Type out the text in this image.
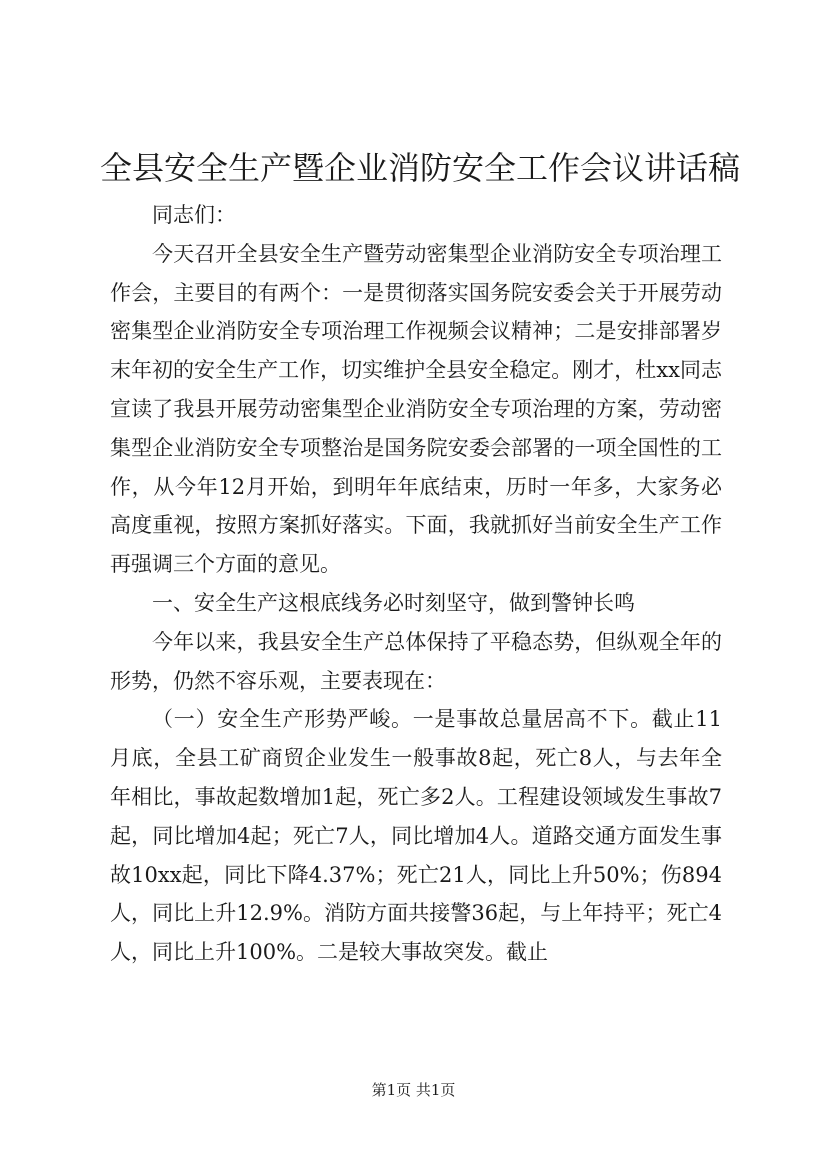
全县安全生产暨企业消防安全工作会议讲话稿

同志们：

今天召开全县安全生产暨劳动密集型企业消防安全专项治理工作会，主要目的有两个：一是贯彻落实国务院安委会关于开展劳动密集型企业消防安全专项治理工作视频会议精神；二是安排部署岁末年初的安全生产工作，切实维护全县安全稳定。刚才，杜xx同志宣读了我县开展劳动密集型企业消防安全专项治理的方案，劳动密集型企业消防安全专项整治是国务院安委会部署的一项全国性的工作，从今年12月开始，到明年年底结束，历时一年多，大家务必高度重视，按照方案抓好落实。下面，我就抓好当前安全生产工作再强调三个方面的意见。

一、安全生产这根底线务必时刻坚守，做到警钟长鸣

今年以来，我县安全生产总体保持了平稳态势，但纵观全年的形势，仍然不容乐观，主要表现在：

（一）安全生产形势严峻。一是事故总量居高不下。截止11月底，全县工矿商贸企业发生一般事故8起，死亡8人，与去年全年相比，事故起数增加1起，死亡多2人。工程建设领域发生事故7起，同比增加4起；死亡7人，同比增加4人。道路交通方面发生事故10xx起，同比下降4.37%；死亡21人，同比上升50%；伤894人，同比上升12.9%。消防方面共接警36起，与上年持平；死亡4人，同比上升100%。二是较大事故突发。截止

第1页 共1页
